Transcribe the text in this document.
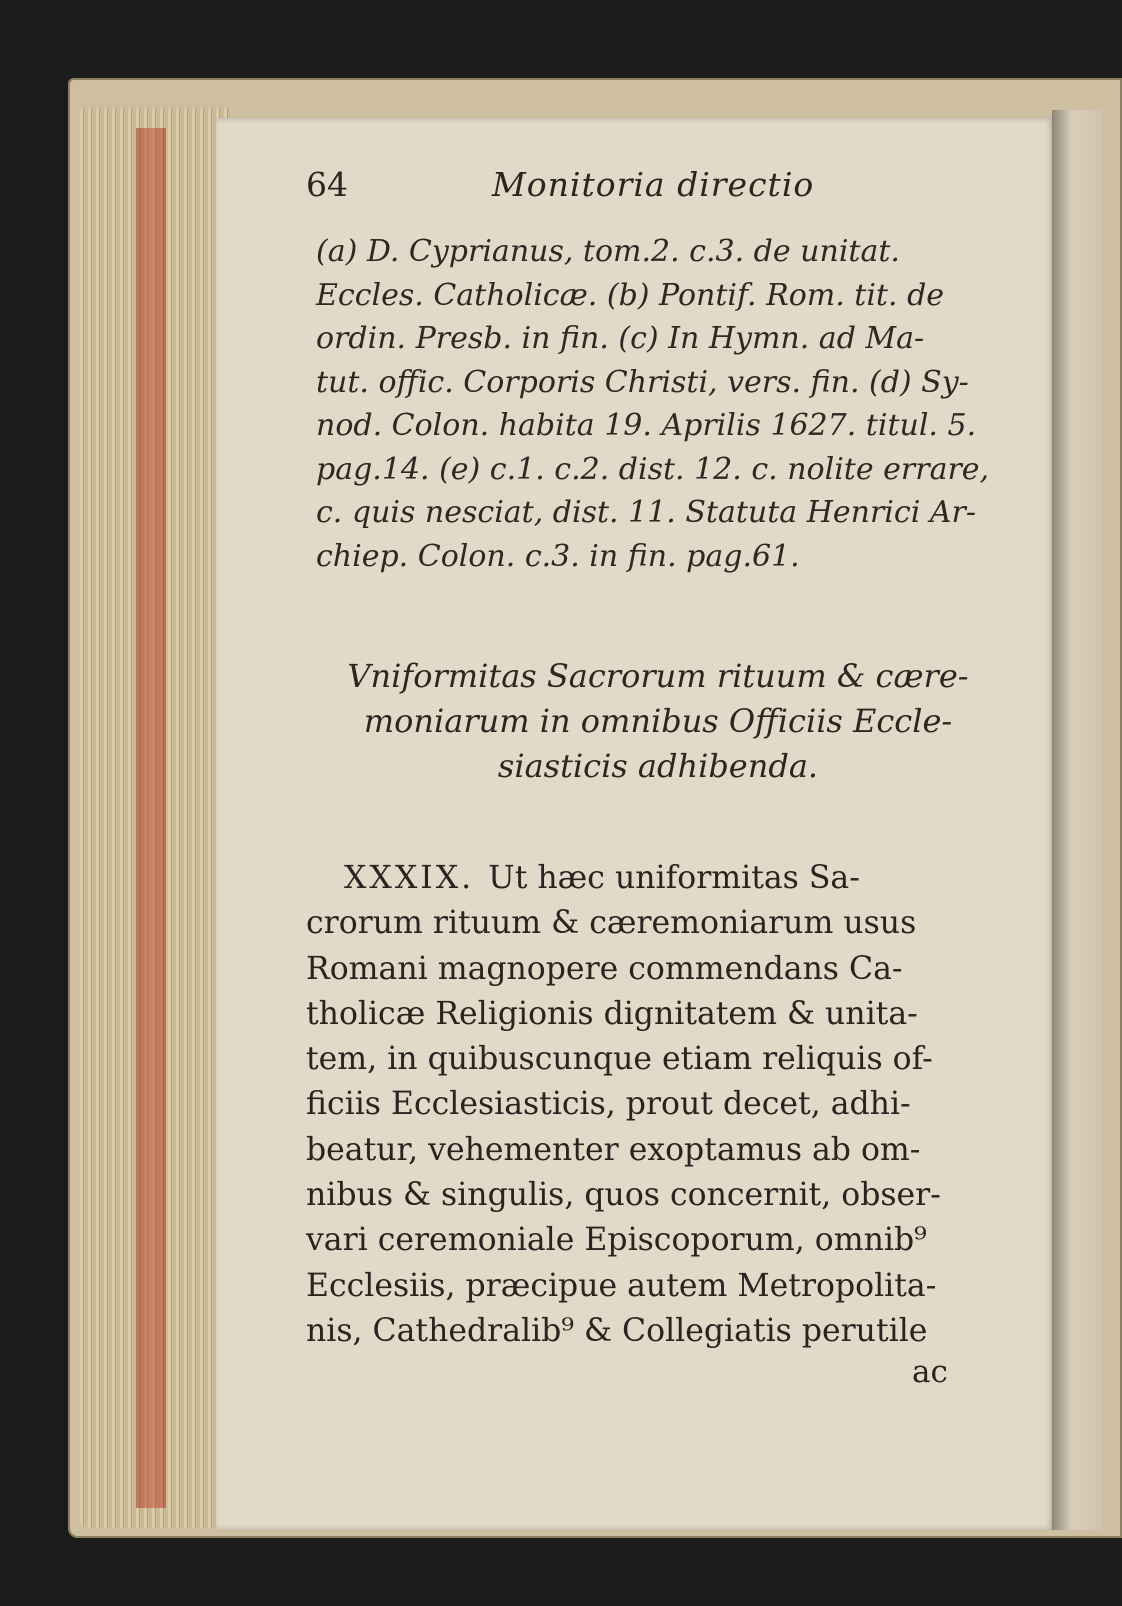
64	Monitoria directio
(a) D. Cyprianus, tom.2. c.3. de unitat.
Eccles. Catholicæ. (b) Pontif. Rom. tit. de
ordin. Presb. in fin. (c) In Hymn. ad Ma-
tut. offic. Corporis Christi, vers. fin. (d) Sy-
nod. Colon. habita 19. Aprilis 1627. titul. 5.
pag.14. (e) c.1. c.2. dist. 12. c. nolite errare,
c. quis nesciat, dist. 11. Statuta Henrici Ar-
chiep. Colon. c.3. in fin. pag.61.
Vniformitas Sacrorum rituum & cære-
moniarum in omnibus Officiis Eccle-
siasticis adhibenda.
XXXIX. Ut hæc uniformitas Sa-
crorum rituum & cæremoniarum usus
Romani magnopere commendans Ca-
tholicæ Religionis dignitatem & unita-
tem, in quibuscunque etiam reliquis of-
ficiis Ecclesiasticis, prout decet, adhi-
beatur, vehementer exoptamus ab om-
nibus & singulis, quos concernit, obser-
vari ceremoniale Episcoporum, omnib⁹
Ecclesiis, præcipue autem Metropolita-
nis, Cathedralib⁹ & Collegiatis perutile
ac
